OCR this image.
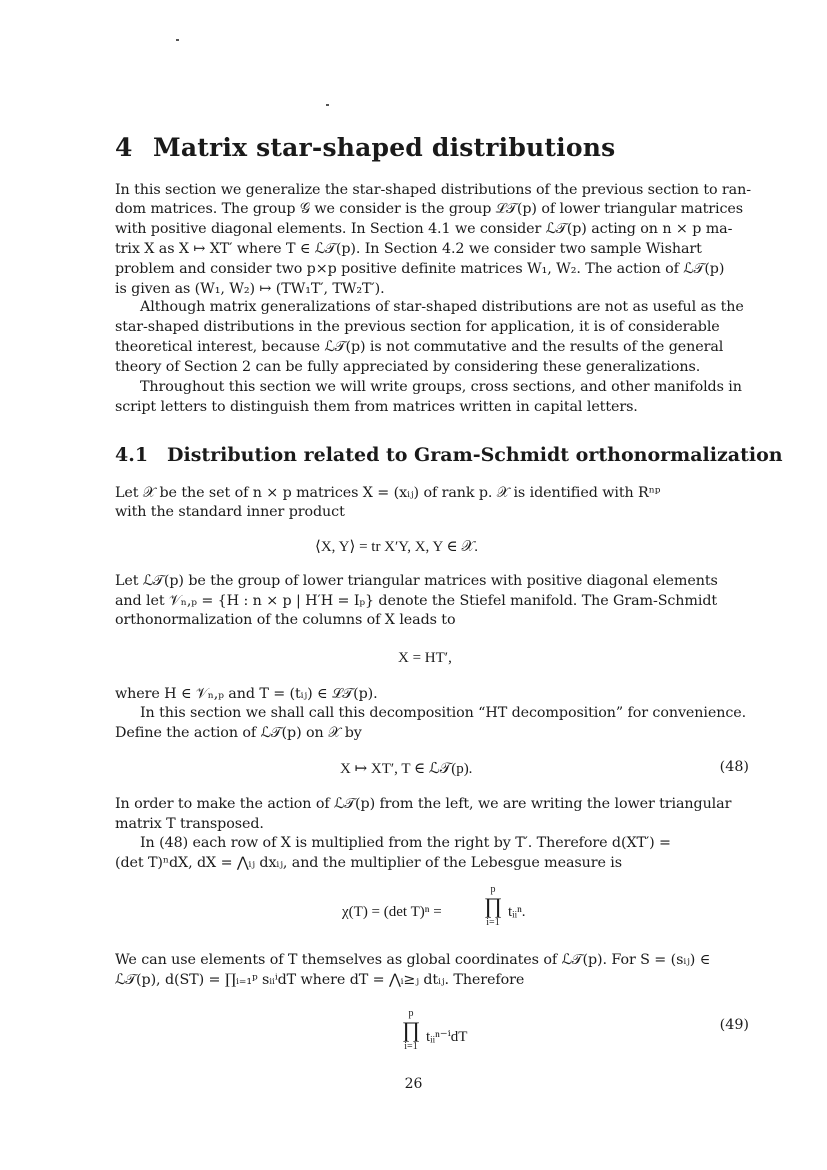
4 Matrix star-shaped distributions
In this section we generalize the star-shaped distributions of the previous section to ran-
dom matrices. The group 𝒢 we consider is the group ℒ𝒯(p) of lower triangular matrices
with positive diagonal elements. In Section 4.1 we consider ℒ𝒯(p) acting on n × p ma-
trix X as X ↦ XT′ where T ∈ ℒ𝒯(p). In Section 4.2 we consider two sample Wishart
problem and consider two p×p positive definite matrices W₁, W₂. The action of ℒ𝒯(p)
is given as (W₁, W₂) ↦ (TW₁T′, TW₂T′).
Although matrix generalizations of star-shaped distributions are not as useful as the
star-shaped distributions in the previous section for application, it is of considerable
theoretical interest, because ℒ𝒯(p) is not commutative and the results of the general
theory of Section 2 can be fully appreciated by considering these generalizations.
Throughout this section we will write groups, cross sections, and other manifolds in
script letters to distinguish them from matrices written in capital letters.
4.1 Distribution related to Gram-Schmidt orthonormalization
Let 𝒳 be the set of n × p matrices X = (xᵢⱼ) of rank p. 𝒳 is identified with Rⁿᵖ
with the standard inner product
⟨X, Y⟩ = tr X′Y, X, Y ∈ 𝒳.
Let ℒ𝒯(p) be the group of lower triangular matrices with positive diagonal elements
and let 𝒱ₙ,ₚ = {H : n × p | H′H = Iₚ} denote the Stiefel manifold. The Gram-Schmidt
orthonormalization of the columns of X leads to
X = HT′,
where H ∈ 𝒱ₙ,ₚ and T = (tᵢⱼ) ∈ ℒ𝒯(p).
In this section we shall call this decomposition “HT decomposition” for convenience.
Define the action of ℒ𝒯(p) on 𝒳 by
X ↦ XT′, T ∈ ℒ𝒯(p).	(48)
In order to make the action of ℒ𝒯(p) from the left, we are writing the lower triangular
matrix T transposed.
In (48) each row of X is multiplied from the right by T′. Therefore d(XT′) =
(det T)ⁿdX, dX = ⋀ᵢⱼ dxᵢⱼ, and the multiplier of the Lebesgue measure is
χ(T) = (det T)ⁿ =
p
∏
i=1
tᵢᵢⁿ.
We can use elements of T themselves as global coordinates of ℒ𝒯(p). For S = (sᵢⱼ) ∈
ℒ𝒯(p), d(ST) = ∏ᵢ₌₁ᵖ sᵢᵢⁱdT where dT = ⋀ᵢ≥ⱼ dtᵢⱼ. Therefore
p
∏
i=1
tᵢᵢⁿ⁻ⁱdT
(49)
26
